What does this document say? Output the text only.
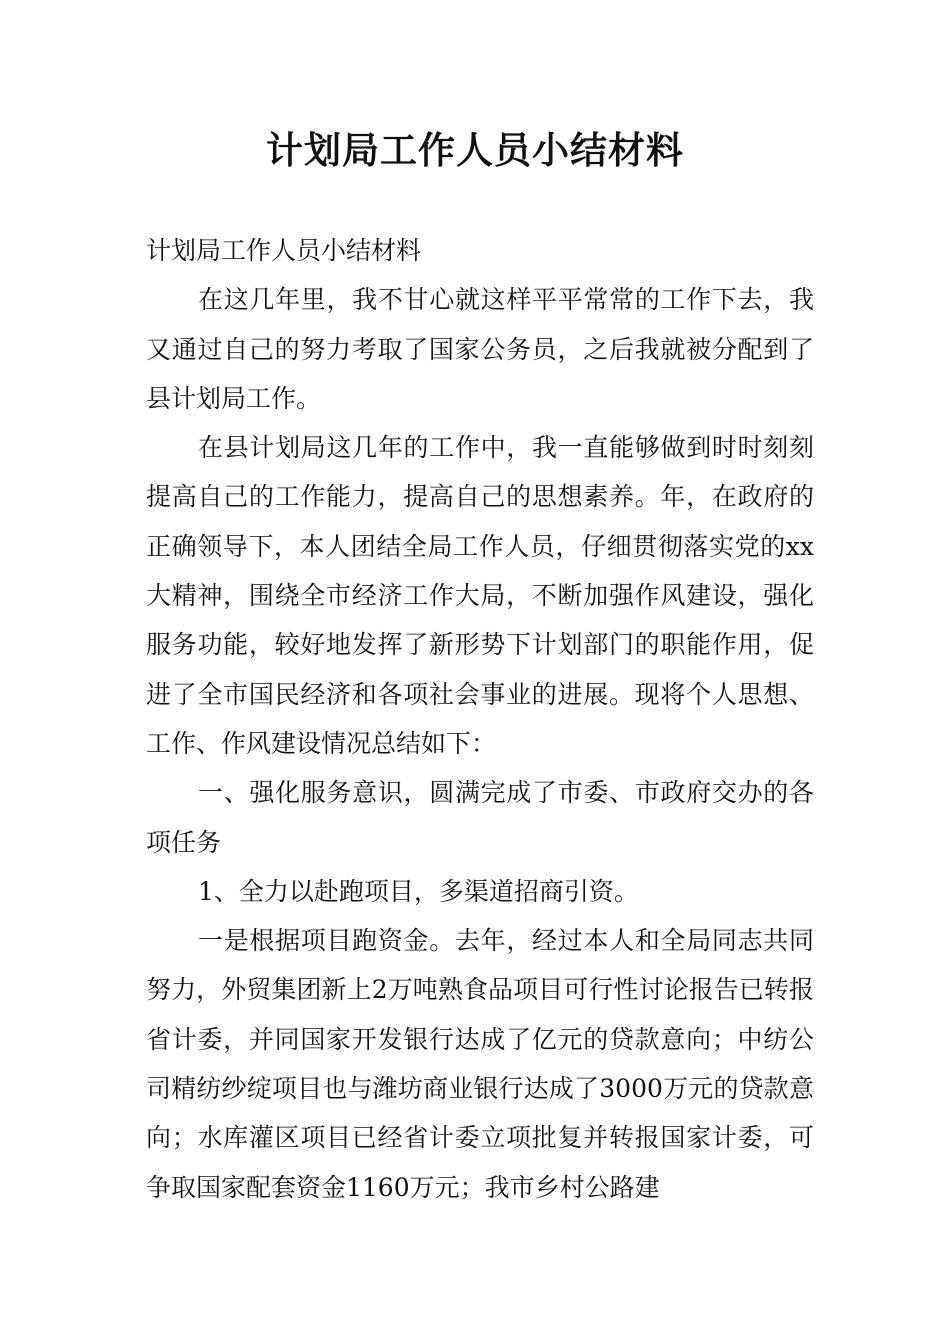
计划局工作人员小结材料

计划局工作人员小结材料

在这几年里，我不甘心就这样平平常常的工作下去，我又通过自己的努力考取了国家公务员，之后我就被分配到了县计划局工作。

在县计划局这几年的工作中，我一直能够做到时时刻刻提高自己的工作能力，提高自己的思想素养。年，在政府的正确领导下，本人团结全局工作人员，仔细贯彻落实党的xx大精神，围绕全市经济工作大局，不断加强作风建设，强化服务功能，较好地发挥了新形势下计划部门的职能作用，促进了全市国民经济和各项社会事业的进展。现将个人思想、工作、作风建设情况总结如下：

一、强化服务意识，圆满完成了市委、市政府交办的各项任务

1、全力以赴跑项目，多渠道招商引资。

一是根据项目跑资金。去年，经过本人和全局同志共同努力，外贸集团新上2万吨熟食品项目可行性讨论报告已转报省计委，并同国家开发银行达成了亿元的贷款意向；中纺公司精纺纱绽项目也与潍坊商业银行达成了3000万元的贷款意向；水库灌区项目已经省计委立项批复并转报国家计委，可争取国家配套资金1160万元；我市乡村公路建
